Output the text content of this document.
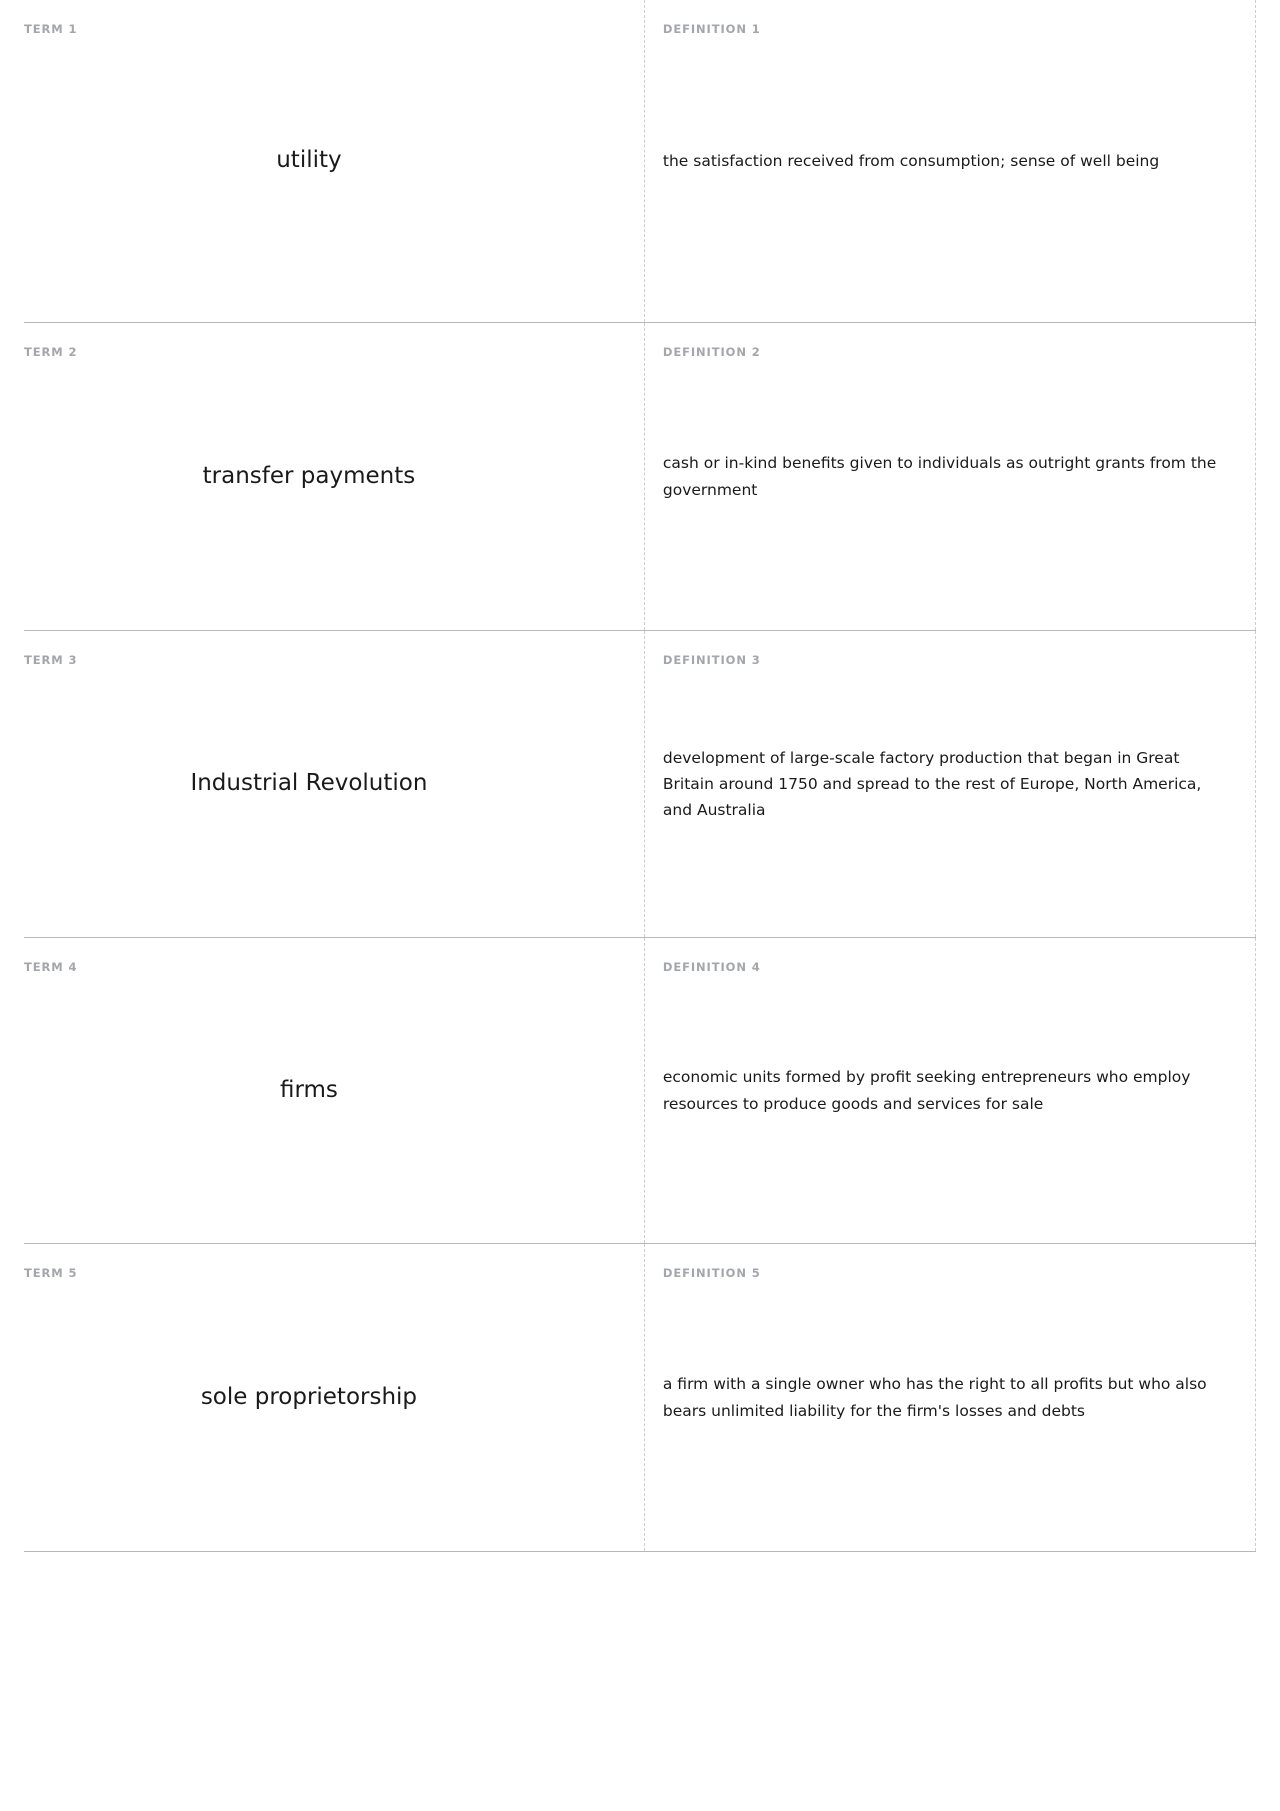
TERM 1
utility
DEFINITION 1
the satisfaction received from consumption; sense of well being
TERM 2
transfer payments
DEFINITION 2
cash or in-kind benefits given to individuals as outright grants from the government
TERM 3
Industrial Revolution
DEFINITION 3
development of large-scale factory production that began in Great Britain around 1750 and spread to the rest of Europe, North America, and Australia
TERM 4
firms
DEFINITION 4
economic units formed by profit seeking entrepreneurs who employ resources to produce goods and services for sale
TERM 5
sole proprietorship
DEFINITION 5
a firm with a single owner who has the right to all profits but who also bears unlimited liability for the firm's losses and debts
